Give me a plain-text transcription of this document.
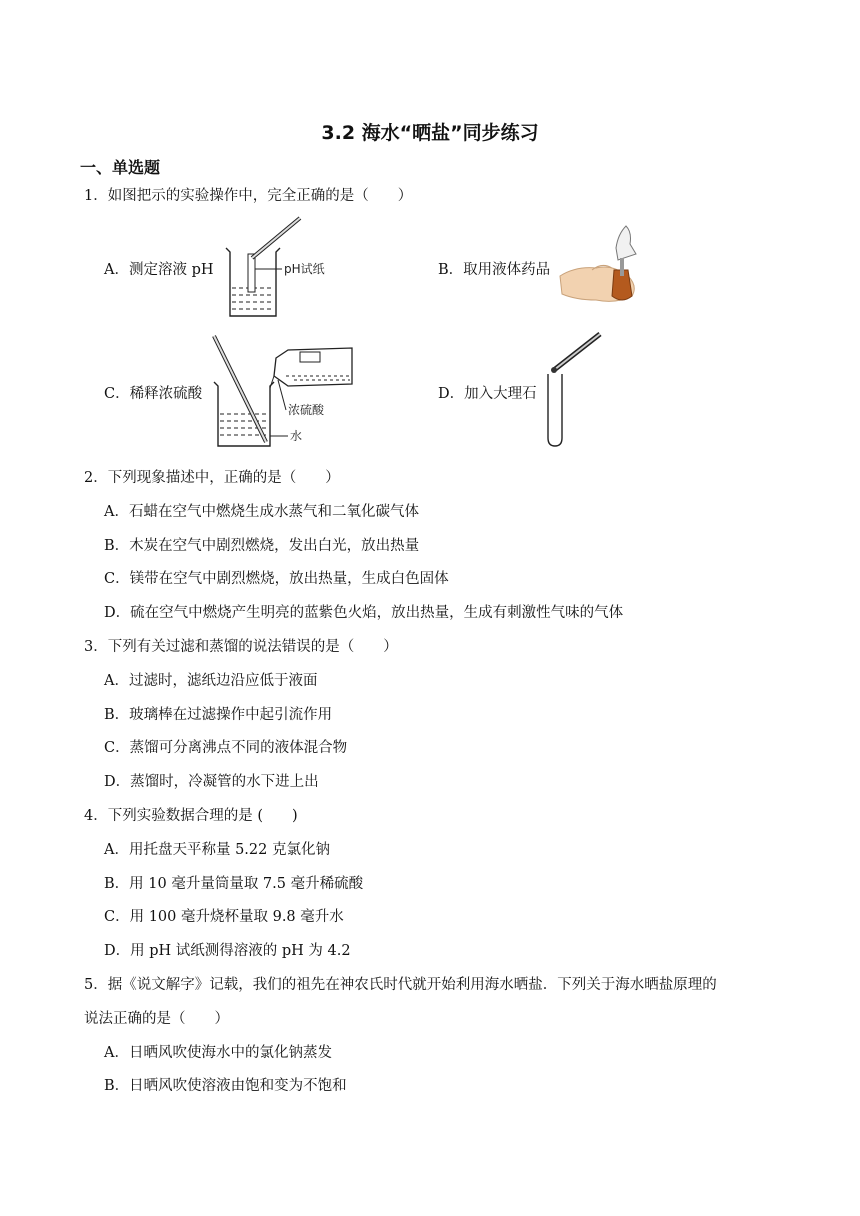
3.2 海水“晒盐”同步练习
一、单选题
1．如图把示的实验操作中，完全正确的是（　　）
A．测定溶液 pH	pH试纸	B．取用液体药品
C．稀释浓硫酸
浓硫酸
水
D．加入大理石
2．下列现象描述中，正确的是（　　）
A．石蜡在空气中燃烧生成水蒸气和二氧化碳气体
B．木炭在空气中剧烈燃烧，发出白光，放出热量
C．镁带在空气中剧烈燃烧，放出热量，生成白色固体
D．硫在空气中燃烧产生明亮的蓝紫色火焰，放出热量，生成有刺激性气味的气体
3．下列有关过滤和蒸馏的说法错误的是（　　）
A．过滤时，滤纸边沿应低于液面
B．玻璃棒在过滤操作中起引流作用
C．蒸馏可分离沸点不同的液体混合物
D．蒸馏时，冷凝管的水下进上出
4．下列实验数据合理的是 (　　)
A．用托盘天平称量 5.22 克氯化钠
B．用 10 毫升量筒量取 7.5 毫升稀硫酸
C．用 100 毫升烧杯量取 9.8 毫升水
D．用 pH 试纸测得溶液的 pH 为 4.2
5．据《说文解字》记载，我们的祖先在神农氏时代就开始利用海水晒盐．下列关于海水晒盐原理的
说法正确的是（　　）
A．日晒风吹使海水中的氯化钠蒸发
B．日晒风吹使溶液由饱和变为不饱和
